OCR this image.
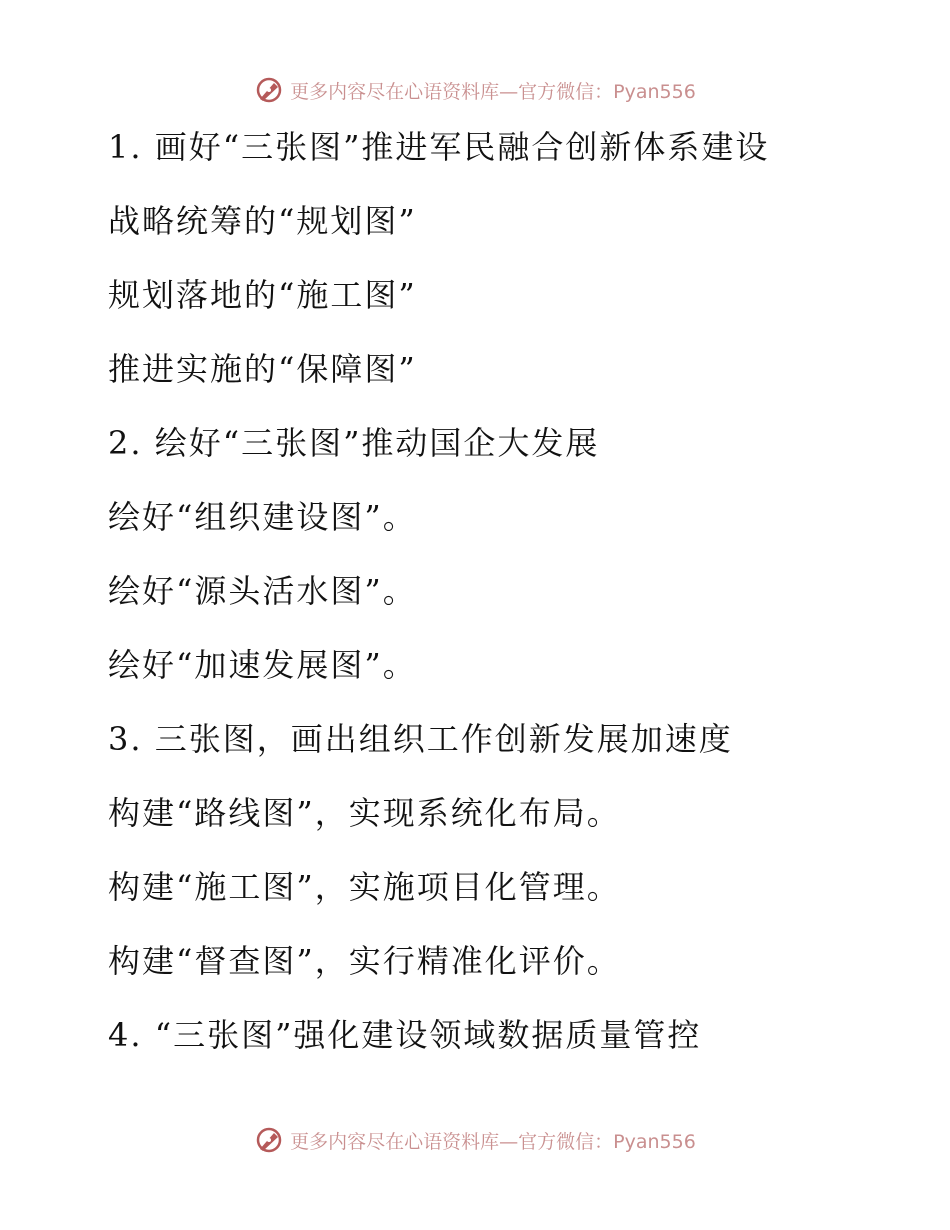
更多内容尽在心语资料库—官方微信：Pyan556
1. 画好“三张图”推进军民融合创新体系建设
战略统筹的“规划图”
规划落地的“施工图”
推进实施的“保障图”
2. 绘好“三张图”推动国企大发展
绘好“组织建设图”。
绘好“源头活水图”。
绘好“加速发展图”。
3. 三张图，画出组织工作创新发展加速度
构建“路线图”，实现系统化布局。
构建“施工图”，实施项目化管理。
构建“督查图”，实行精准化评价。
4. “三张图”强化建设领域数据质量管控
更多内容尽在心语资料库—官方微信：Pyan556
